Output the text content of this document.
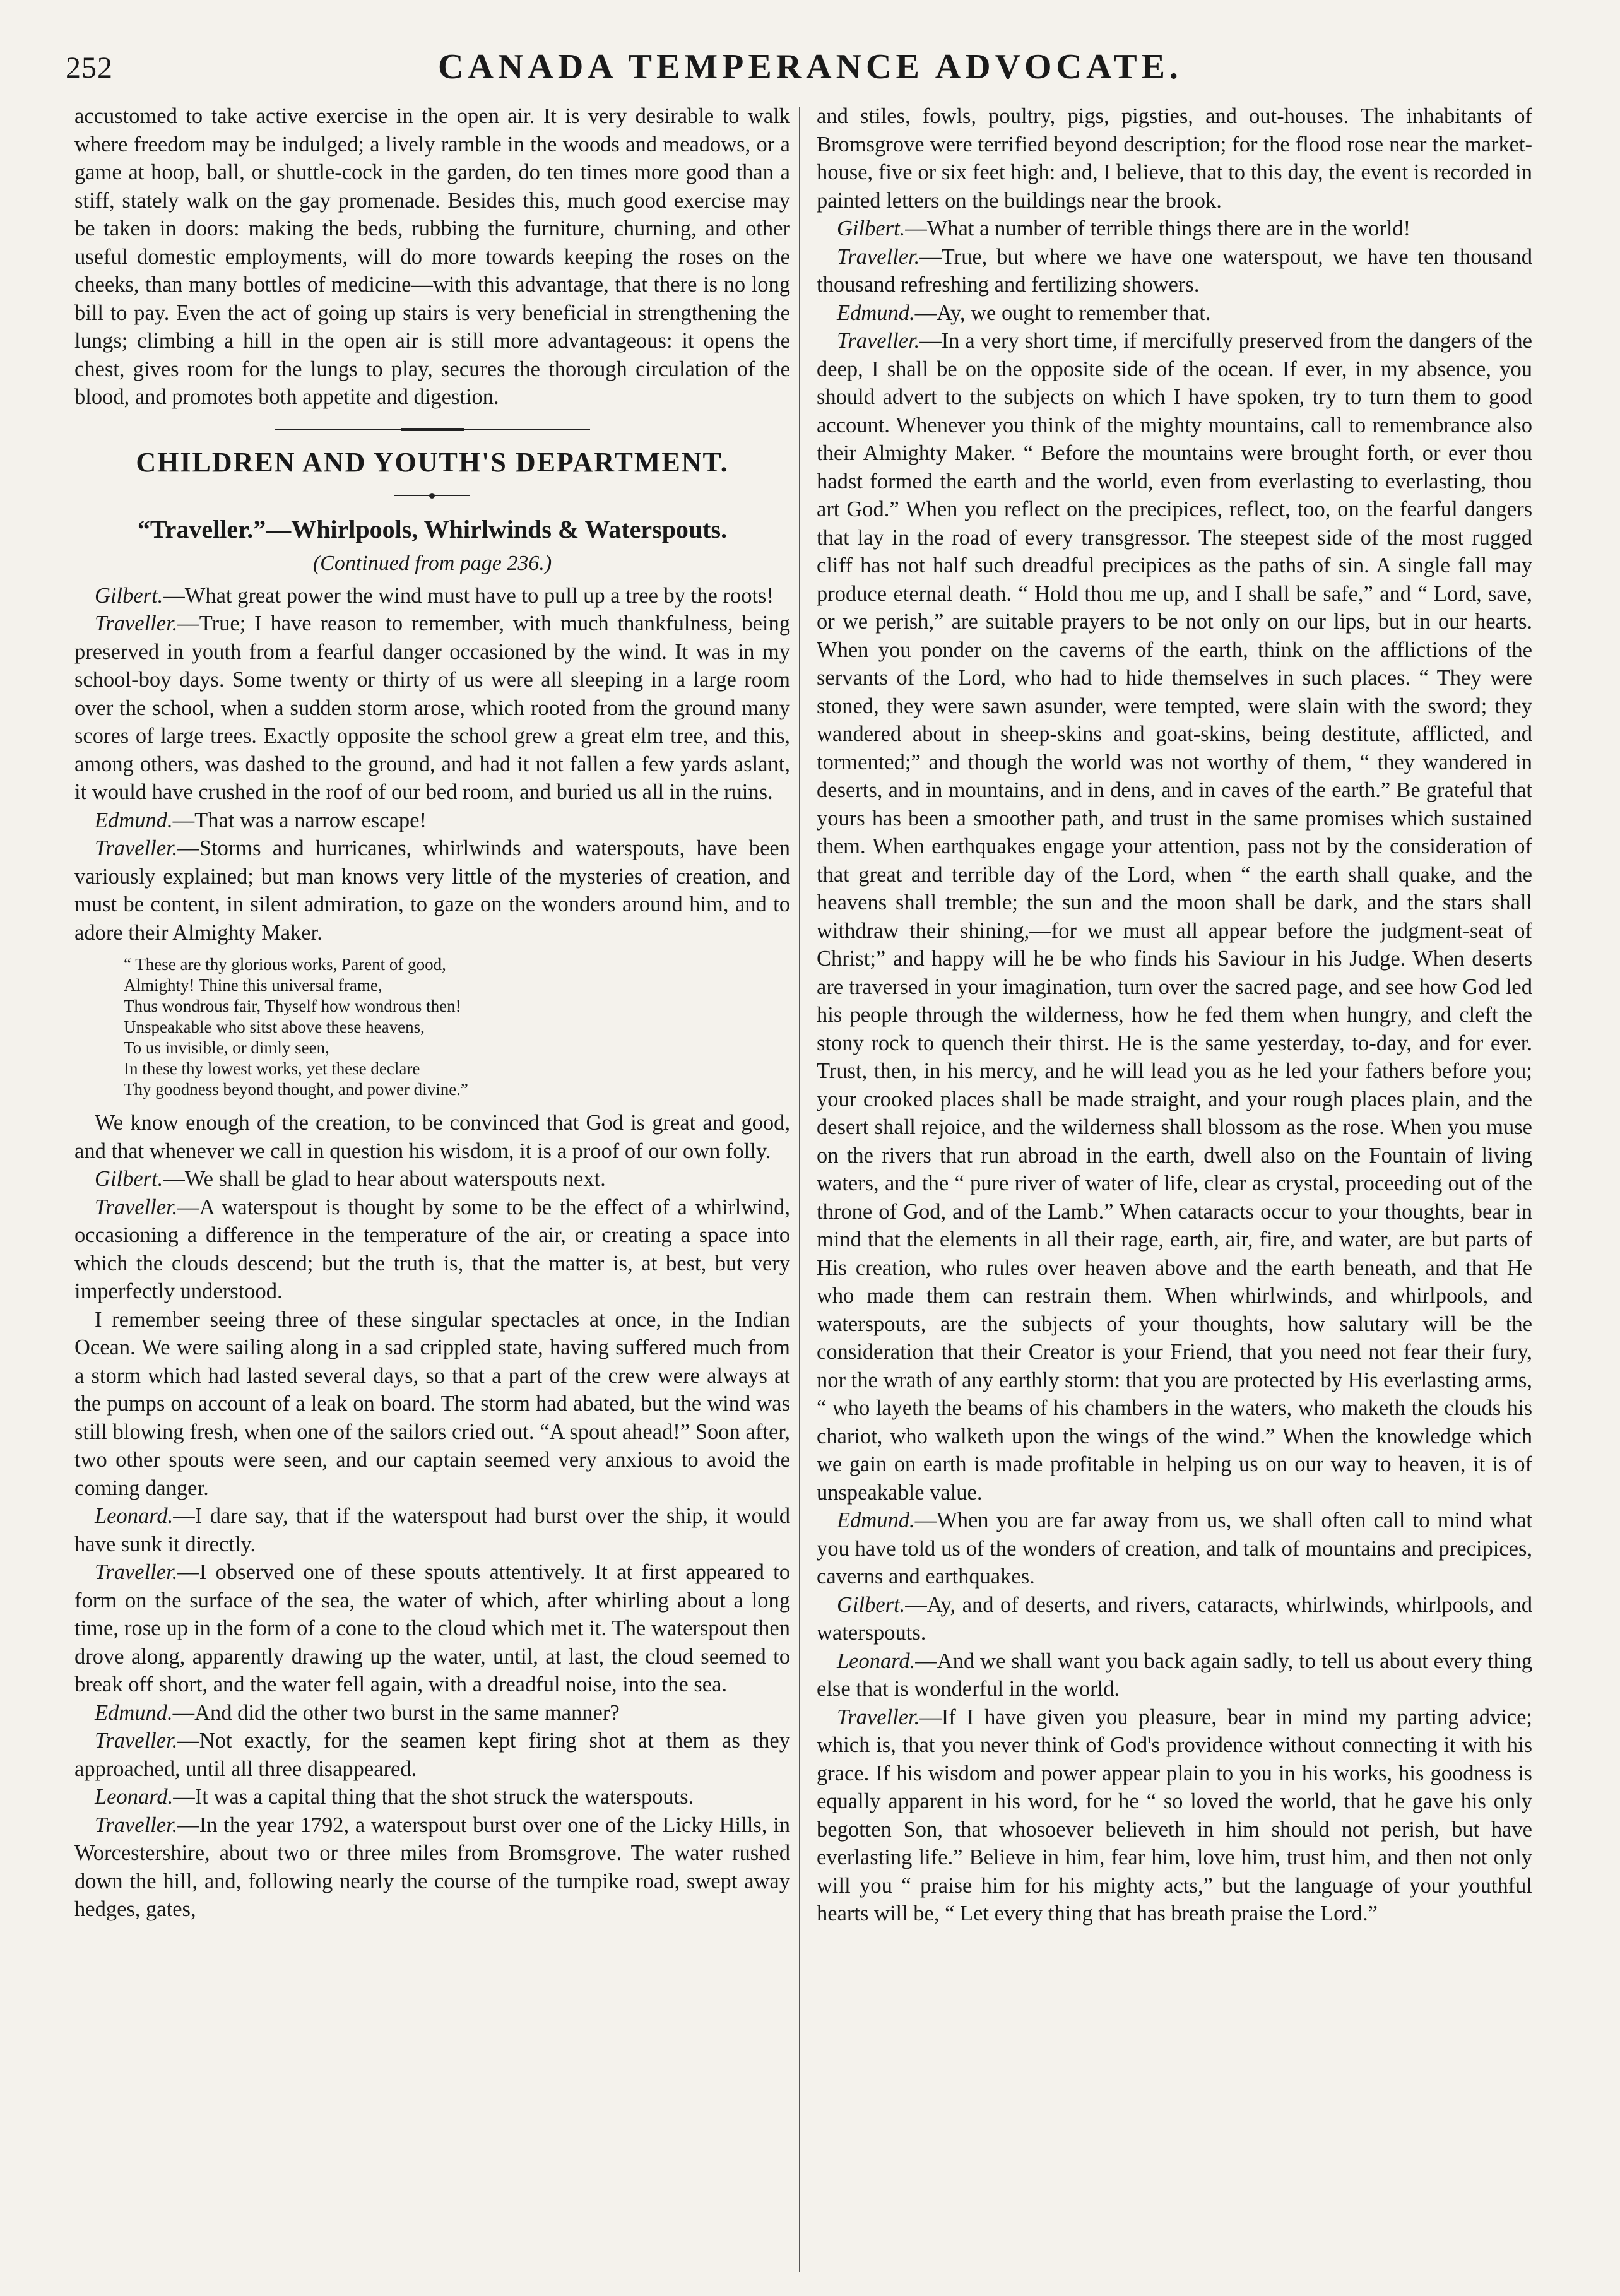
252	CANADA TEMPERANCE ADVOCATE.

accustomed to take active exercise in the open air. It is very desirable to walk where freedom may be indulged; a lively ramble in the woods and meadows, or a game at hoop, ball, or shuttle-cock in the garden, do ten times more good than a stiff, stately walk on the gay promenade. Besides this, much good exercise may be taken in doors: making the beds, rubbing the furniture, churning, and other useful domestic employments, will do more towards keeping the roses on the cheeks, than many bottles of medicine—with this advantage, that there is no long bill to pay. Even the act of going up stairs is very beneficial in strengthening the lungs; climbing a hill in the open air is still more advantageous: it opens the chest, gives room for the lungs to play, secures the thorough circulation of the blood, and promotes both appetite and digestion.

CHILDREN AND YOUTH'S DEPARTMENT.
“Traveller.”—Whirlpools, Whirlwinds & Waterspouts.
(Continued from page 236.)

Gilbert.—What great power the wind must have to pull up a tree by the roots!

Traveller.—True; I have reason to remember, with much thankfulness, being preserved in youth from a fearful danger occasioned by the wind. It was in my school-boy days. Some twenty or thirty of us were all sleeping in a large room over the school, when a sudden storm arose, which rooted from the ground many scores of large trees. Exactly opposite the school grew a great elm tree, and this, among others, was dashed to the ground, and had it not fallen a few yards aslant, it would have crushed in the roof of our bed room, and buried us all in the ruins.

Edmund.—That was a narrow escape!

Traveller.—Storms and hurricanes, whirlwinds and waterspouts, have been variously explained; but man knows very little of the mysteries of creation, and must be content, in silent admiration, to gaze on the wonders around him, and to adore their Almighty Maker.

“ These are thy glorious works, Parent of good,
Almighty! Thine this universal frame,
Thus wondrous fair, Thyself how wondrous then!
Unspeakable who sitst above these heavens,
To us invisible, or dimly seen,
In these thy lowest works, yet these declare
Thy goodness beyond thought, and power divine.”

We know enough of the creation, to be convinced that God is great and good, and that whenever we call in question his wisdom, it is a proof of our own folly.

Gilbert.—We shall be glad to hear about waterspouts next.

Traveller.—A waterspout is thought by some to be the effect of a whirlwind, occasioning a difference in the temperature of the air, or creating a space into which the clouds descend; but the truth is, that the matter is, at best, but very imperfectly understood.

I remember seeing three of these singular spectacles at once, in the Indian Ocean. We were sailing along in a sad crippled state, having suffered much from a storm which had lasted several days, so that a part of the crew were always at the pumps on account of a leak on board. The storm had abated, but the wind was still blowing fresh, when one of the sailors cried out. “A spout ahead!” Soon after, two other spouts were seen, and our captain seemed very anxious to avoid the coming danger.

Leonard.—I dare say, that if the waterspout had burst over the ship, it would have sunk it directly.

Traveller.—I observed one of these spouts attentively. It at first appeared to form on the surface of the sea, the water of which, after whirling about a long time, rose up in the form of a cone to the cloud which met it. The waterspout then drove along, apparently drawing up the water, until, at last, the cloud seemed to break off short, and the water fell again, with a dreadful noise, into the sea.

Edmund.—And did the other two burst in the same manner?

Traveller.—Not exactly, for the seamen kept firing shot at them as they approached, until all three disappeared.

Leonard.—It was a capital thing that the shot struck the waterspouts.

Traveller.—In the year 1792, a waterspout burst over one of the Licky Hills, in Worcestershire, about two or three miles from Bromsgrove. The water rushed down the hill, and, following nearly the course of the turnpike road, swept away hedges, gates,

and stiles, fowls, poultry, pigs, pigsties, and out-houses. The inhabitants of Bromsgrove were terrified beyond description; for the flood rose near the market-house, five or six feet high: and, I believe, that to this day, the event is recorded in painted letters on the buildings near the brook.

Gilbert.—What a number of terrible things there are in the world!

Traveller.—True, but where we have one waterspout, we have ten thousand thousand refreshing and fertilizing showers.

Edmund.—Ay, we ought to remember that.

Traveller.—In a very short time, if mercifully preserved from the dangers of the deep, I shall be on the opposite side of the ocean. If ever, in my absence, you should advert to the subjects on which I have spoken, try to turn them to good account. Whenever you think of the mighty mountains, call to remembrance also their Almighty Maker. “ Before the mountains were brought forth, or ever thou hadst formed the earth and the world, even from everlasting to everlasting, thou art God.” When you reflect on the precipices, reflect, too, on the fearful dangers that lay in the road of every transgressor. The steepest side of the most rugged cliff has not half such dreadful precipices as the paths of sin. A single fall may produce eternal death. “ Hold thou me up, and I shall be safe,” and “ Lord, save, or we perish,” are suitable prayers to be not only on our lips, but in our hearts. When you ponder on the caverns of the earth, think on the afflictions of the servants of the Lord, who had to hide themselves in such places. “ They were stoned, they were sawn asunder, were tempted, were slain with the sword; they wandered about in sheep-skins and goat-skins, being destitute, afflicted, and tormented;” and though the world was not worthy of them, “ they wandered in deserts, and in mountains, and in dens, and in caves of the earth.” Be grateful that yours has been a smoother path, and trust in the same promises which sustained them. When earthquakes engage your attention, pass not by the consideration of that great and terrible day of the Lord, when “ the earth shall quake, and the heavens shall tremble; the sun and the moon shall be dark, and the stars shall withdraw their shining,—for we must all appear before the judgment-seat of Christ;” and happy will he be who finds his Saviour in his Judge. When deserts are traversed in your imagination, turn over the sacred page, and see how God led his people through the wilderness, how he fed them when hungry, and cleft the stony rock to quench their thirst. He is the same yesterday, to-day, and for ever. Trust, then, in his mercy, and he will lead you as he led your fathers before you; your crooked places shall be made straight, and your rough places plain, and the desert shall rejoice, and the wilderness shall blossom as the rose. When you muse on the rivers that run abroad in the earth, dwell also on the Fountain of living waters, and the “ pure river of water of life, clear as crystal, proceeding out of the throne of God, and of the Lamb.” When cataracts occur to your thoughts, bear in mind that the elements in all their rage, earth, air, fire, and water, are but parts of His creation, who rules over heaven above and the earth beneath, and that He who made them can restrain them. When whirlwinds, and whirlpools, and waterspouts, are the subjects of your thoughts, how salutary will be the consideration that their Creator is your Friend, that you need not fear their fury, nor the wrath of any earthly storm: that you are protected by His everlasting arms, “ who layeth the beams of his chambers in the waters, who maketh the clouds his chariot, who walketh upon the wings of the wind.” When the knowledge which we gain on earth is made profitable in helping us on our way to heaven, it is of unspeakable value.

Edmund.—When you are far away from us, we shall often call to mind what you have told us of the wonders of creation, and talk of mountains and precipices, caverns and earthquakes.

Gilbert.—Ay, and of deserts, and rivers, cataracts, whirlwinds, whirlpools, and waterspouts.

Leonard.—And we shall want you back again sadly, to tell us about every thing else that is wonderful in the world.

Traveller.—If I have given you pleasure, bear in mind my parting advice; which is, that you never think of God's providence without connecting it with his grace. If his wisdom and power appear plain to you in his works, his goodness is equally apparent in his word, for he “ so loved the world, that he gave his only begotten Son, that whosoever believeth in him should not perish, but have everlasting life.” Believe in him, fear him, love him, trust him, and then not only will you “ praise him for his mighty acts,” but the language of your youthful hearts will be, “ Let every thing that has breath praise the Lord.”
